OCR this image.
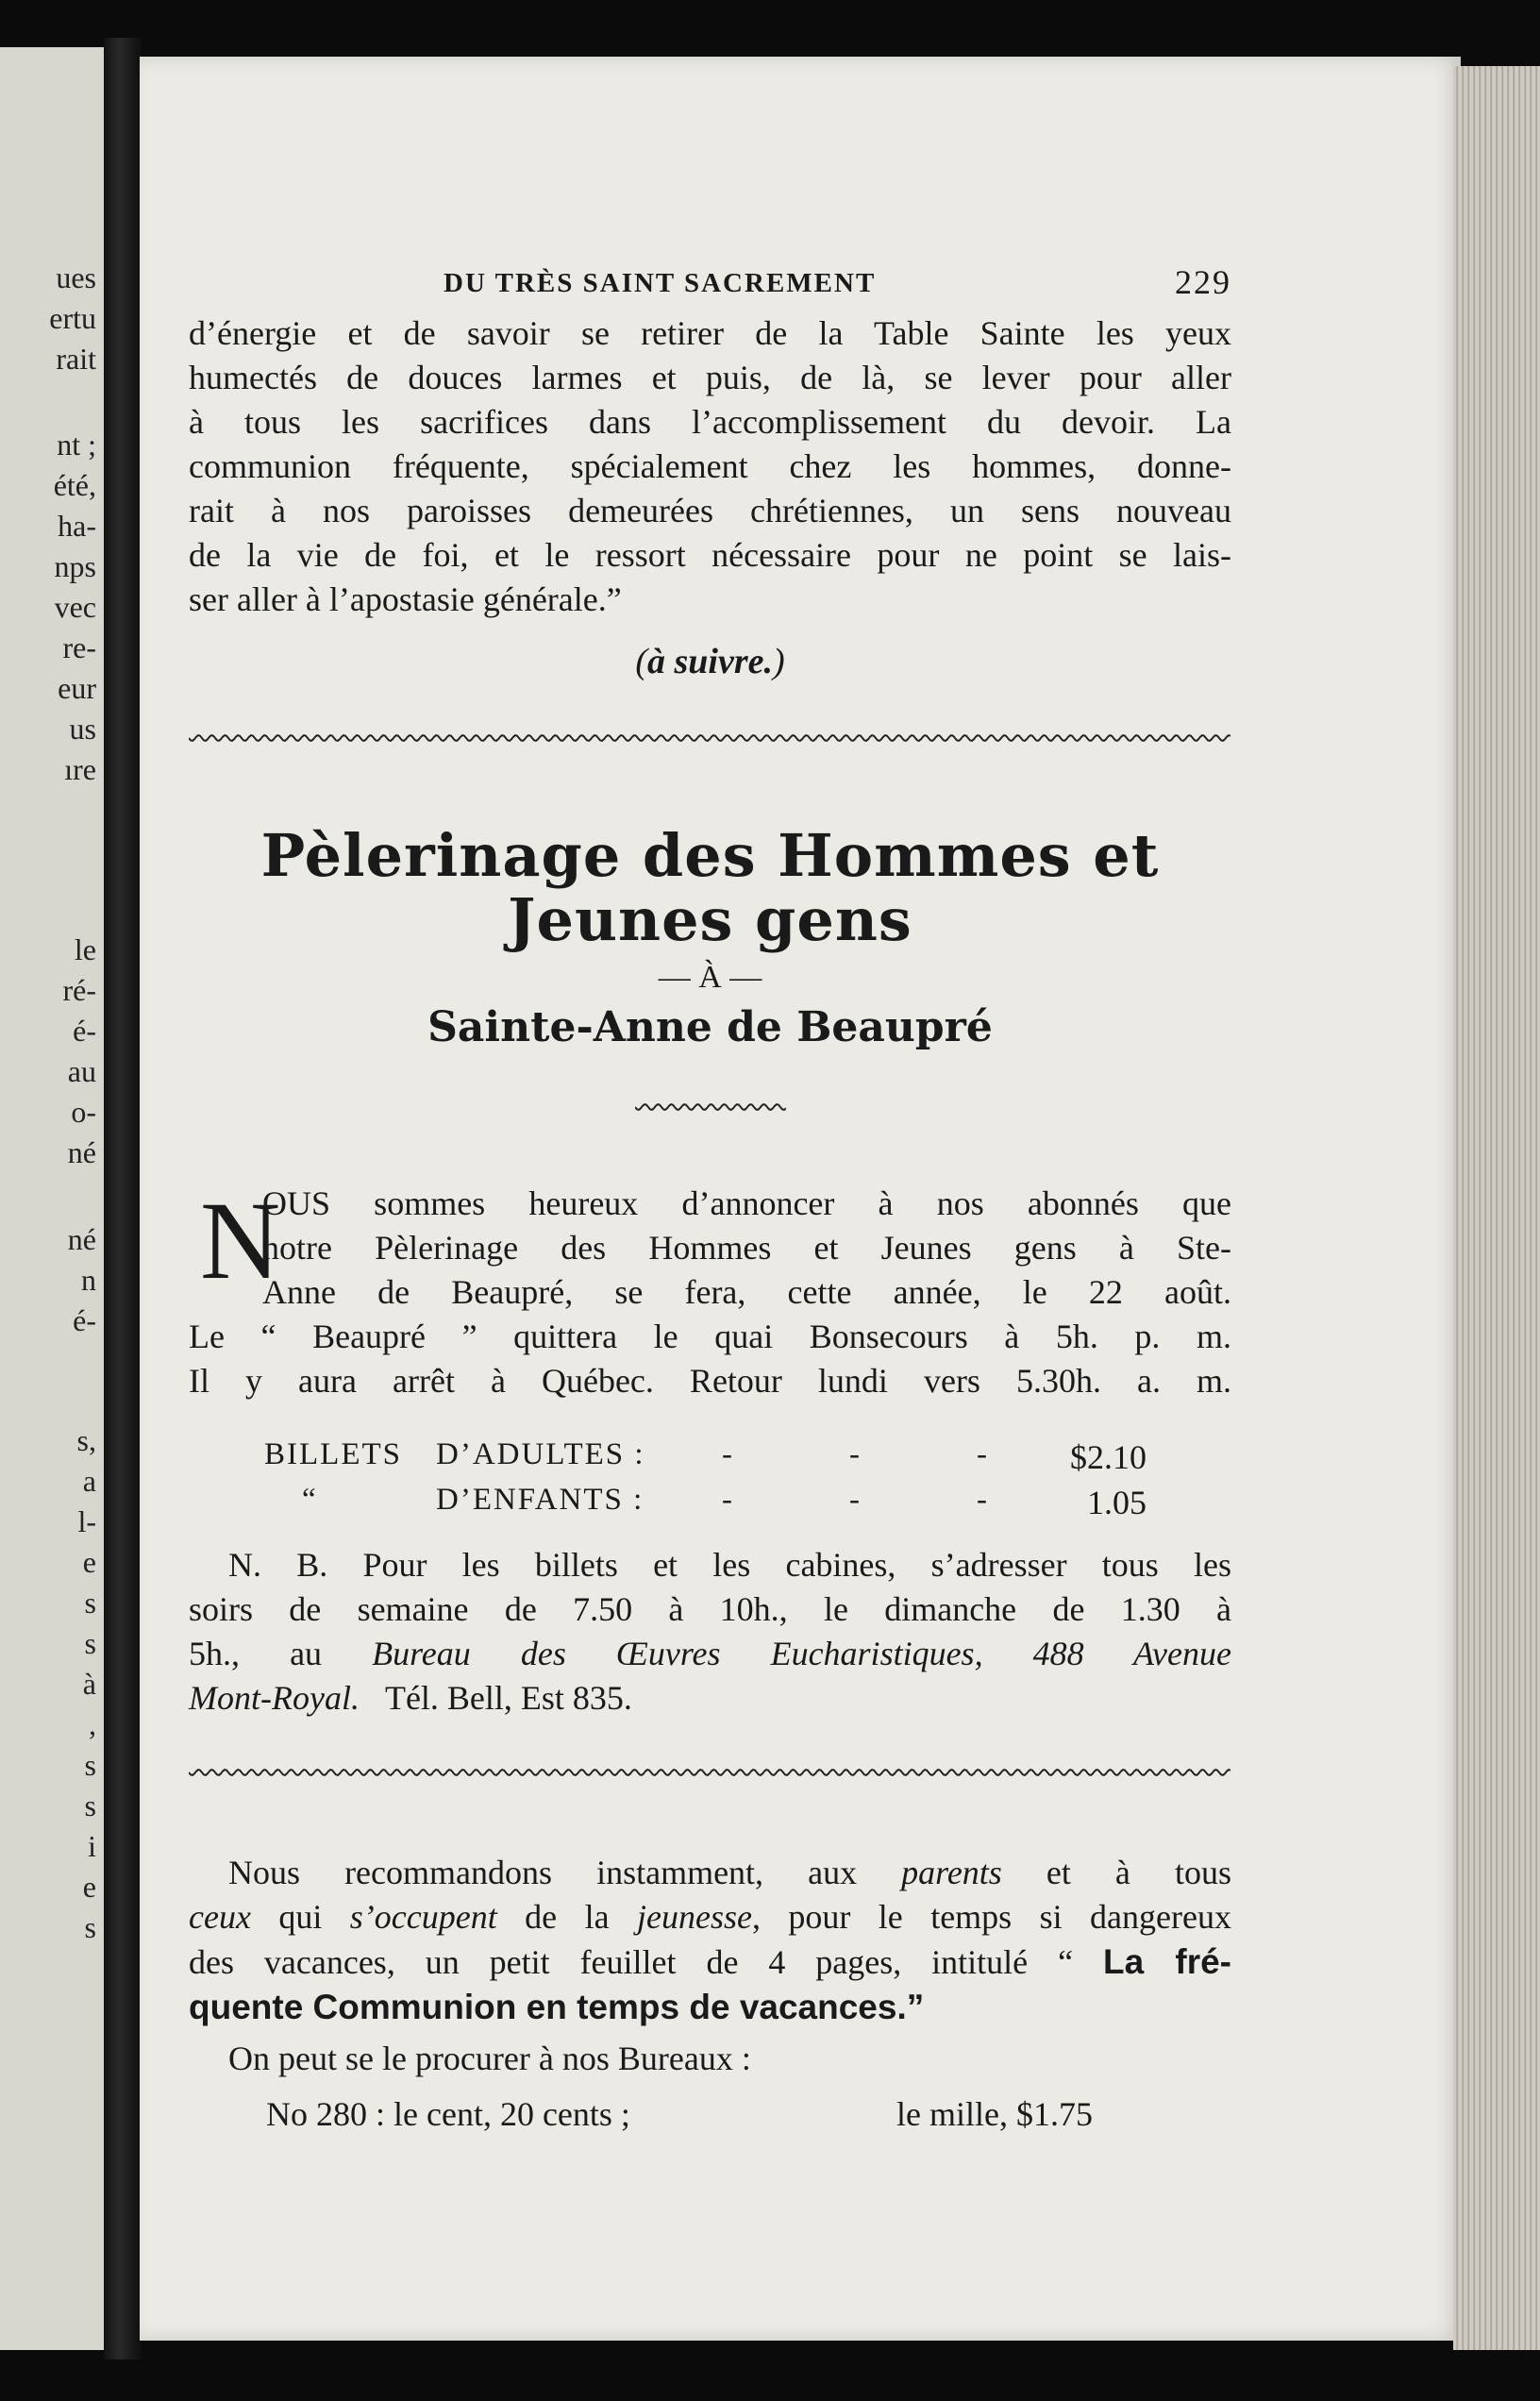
ues
ertu
rait
nt ;
été,
ha-
nps
vec
re-
eur
us
ıre
le
ré-
é-
au
o-
né
né
n
é-
s,
a
l-
e
s
s
à
,
s
s
i
e
s
DU TRÈS SAINT SACREMENT	229

d’énergie et de savoir se retirer de la Table Sainte les yeux
humectés de douces larmes et puis, de là, se lever pour aller
à tous les sacrifices dans l’accomplissement du devoir. La
communion fréquente, spécialement chez les hommes, donne-
rait à nos paroisses demeurées chrétiennes, un sens nouveau
de la vie de foi, et le ressort nécessaire pour ne point se lais-
ser aller à l’apostasie générale.”

(à suivre.)
Pèlerinage des Hommes et Jeunes gens
— À —
Sainte-Anne de Beaupré
N
OUS sommes heureux d’annoncer à nos abonnés que
notre Pèlerinage des Hommes et Jeunes gens à Ste-
Anne de Beaupré, se fera, cette année, le 22 août.
Le “ Beaupré ” quittera le quai Bonsecours à 5h. p. m.
Il y aura arrêt à Québec. Retour lundi vers 5.30h. a. m.
BILLETS D’ADULTES : -	-	- $2.10
“	D’ENFANTS :	-	-	-	1.05
N. B. Pour les billets et les cabines, s’adresser tous les
soirs de semaine de 7.50 à 10h., le dimanche de 1.30 à
5h., au Bureau des Œuvres Eucharistiques, 488 Avenue
Mont-Royal. Tél. Bell, Est 835.
Nous recommandons instamment, aux parents et à tous
ceux qui s’occupent de la jeunesse, pour le temps si dangereux
des vacances, un petit feuillet de 4 pages, intitulé “ La fré-
quente Communion en temps de vacances.”
On peut se le procurer à nos Bureaux :
No 280 : le cent, 20 cents ;	le mille, $1.75
